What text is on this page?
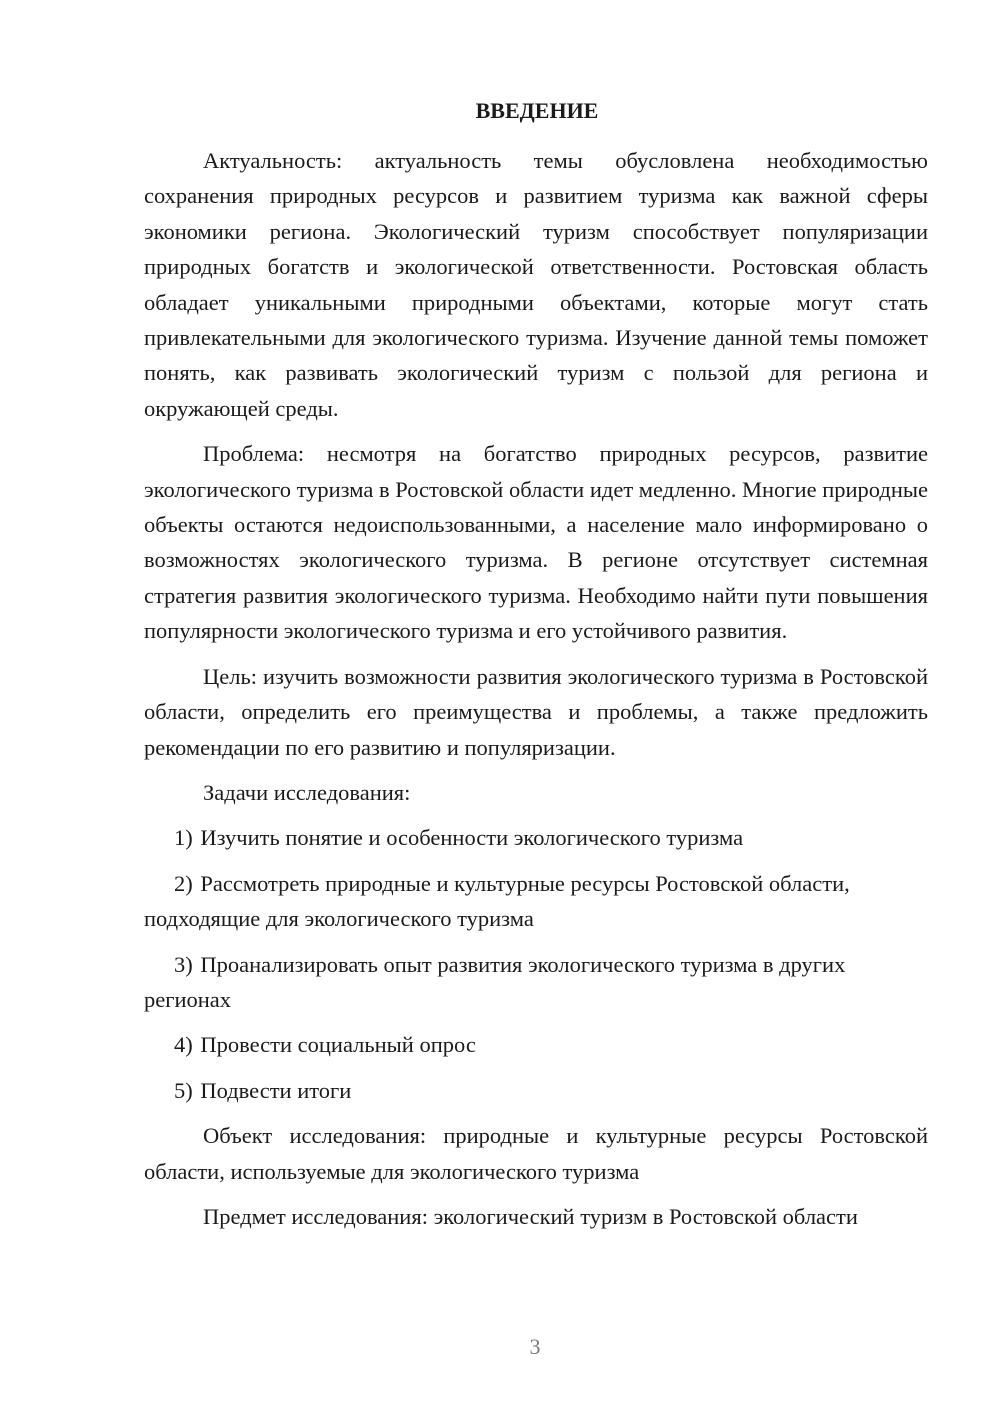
ВВЕДЕНИЕ

Актуальность: актуальность темы обусловлена необходимостью сохранения природных ресурсов и развитием туризма как важной сферы экономики региона. Экологический туризм способствует популяризации природных богатств и экологической ответственности. Ростовская область обладает уникальными природными объектами, которые могут стать привлекательными для экологического туризма. Изучение данной темы поможет понять, как развивать экологический туризм с пользой для региона и окружающей среды.

Проблема: несмотря на богатство природных ресурсов, развитие экологического туризма в Ростовской области идет медленно. Многие природные объекты остаются недоиспользованными, а население мало информировано о возможностях экологического туризма. В регионе отсутствует системная стратегия развития экологического туризма. Необходимо найти пути повышения популярности экологического туризма и его устойчивого развития.

Цель: изучить возможности развития экологического туризма в Ростовской области, определить его преимущества и проблемы, а также предложить рекомендации по его развитию и популяризации.

Задачи исследования:

1) Изучить понятие и особенности экологического туризма

2) Рассмотреть природные и культурные ресурсы Ростовской области, подходящие для экологического туризма

3) Проанализировать опыт развития экологического туризма в других регионах

4) Провести социальный опрос

5) Подвести итоги

Объект исследования: природные и культурные ресурсы Ростовской области, используемые для экологического туризма

Предмет исследования: экологический туризм в Ростовской области

3
